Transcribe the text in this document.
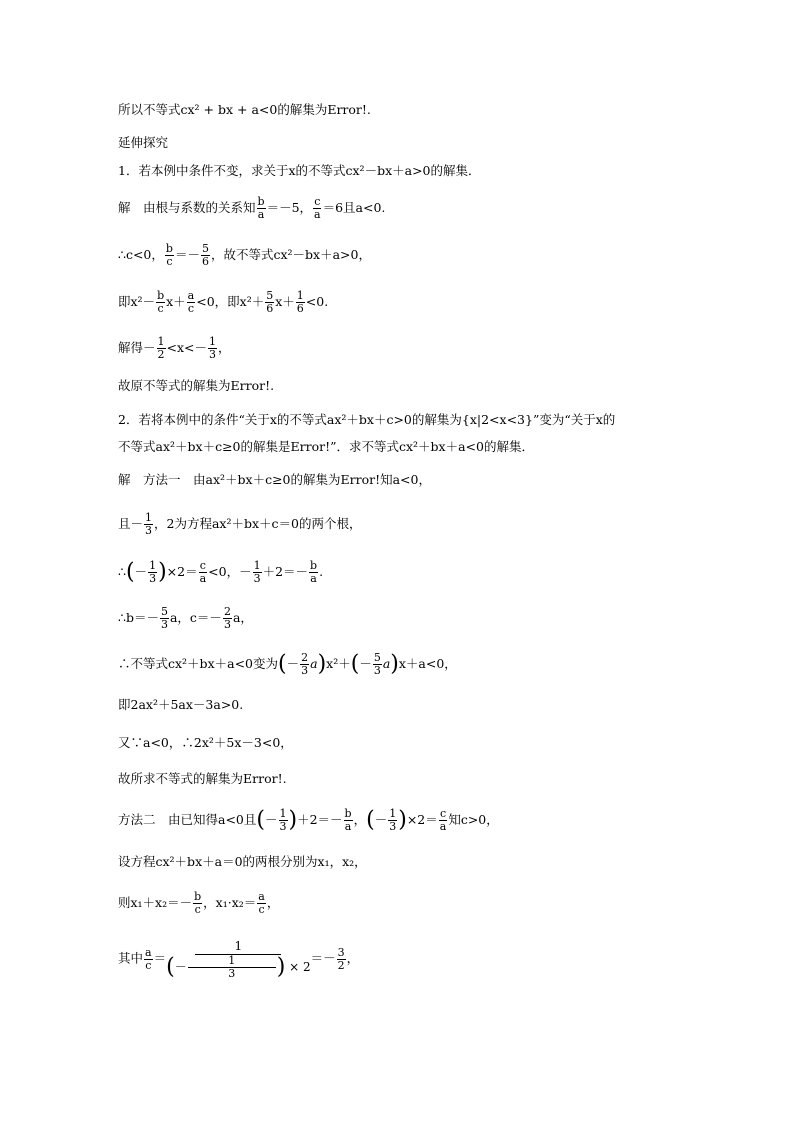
所以不等式cx² + bx + a<0的解集为Error!.
延伸探究
1．若本例中条件不变，求关于x的不等式cx²－bx＋a>0的解集．
解　由根与系数的关系知 $\frac{b}{a} =-5$， $\frac{c}{a} =6$且a<0.
∴c<0， $\frac{b}{c} =- \frac{5}{6}$ ，故不等式cx²－bx＋a>0，
即$x^2- \frac{b}{c} x+ \frac{a}{c} <0$，即$x^2+ \frac{5}{6} x+ \frac{1}{6} <0$.
解得－ $\frac{1}{2} <x<- \frac{1}{3}$ ，
故原不等式的解集为Error!.
2．若将本例中的条件“关于x的不等式ax²＋bx＋c>0的解集为{x|2<x<3}”变为“关于x的
不等式ax²＋bx＋c≥0的解集是Error!”．求不等式cx²＋bx＋a<0的解集．
解　方法一　由ax²＋bx＋c≥0的解集为Error!知a<0，
且－ $\frac{1}{3}$ ，2为方程ax²＋bx＋c＝0的两个根，
∴(－ $\frac{1}{3} )\times 2= \frac{c}{a} <0$，－ $\frac{1}{3} +2=- \frac{b}{a}$ .
∴b＝－ $\frac{5}{3}$ a，$c=- \frac{2}{3}$ a，
∴不等式cx²＋bx＋a<0变为(－ $\frac{2}{3} a)x^2+(- \frac{5}{3} a)x+a<0$，
即2ax²＋5ax－3a>0.
又∵a<0，∴2x²＋5x－3<0，
故所求不等式的解集为Error!.
方法二　由已知得a<0且(－ $\frac{1}{3} )+2=- \frac{b}{a}$ ，(－ $\frac{1}{3} )\times 2= \frac{c}{a}$ 知c>0，
设方程cx²＋bx＋a＝0的两根分别为x₁，x₂，
则$x_1+x_2=- \frac{b}{c}$ ，$x_1\cdot x_2= \frac{a}{c}$ ，
其中 $\frac{a}{c} = \frac{1}{(- \frac{1}{3} ) \times 2} =- \frac{3}{2}$ ，
